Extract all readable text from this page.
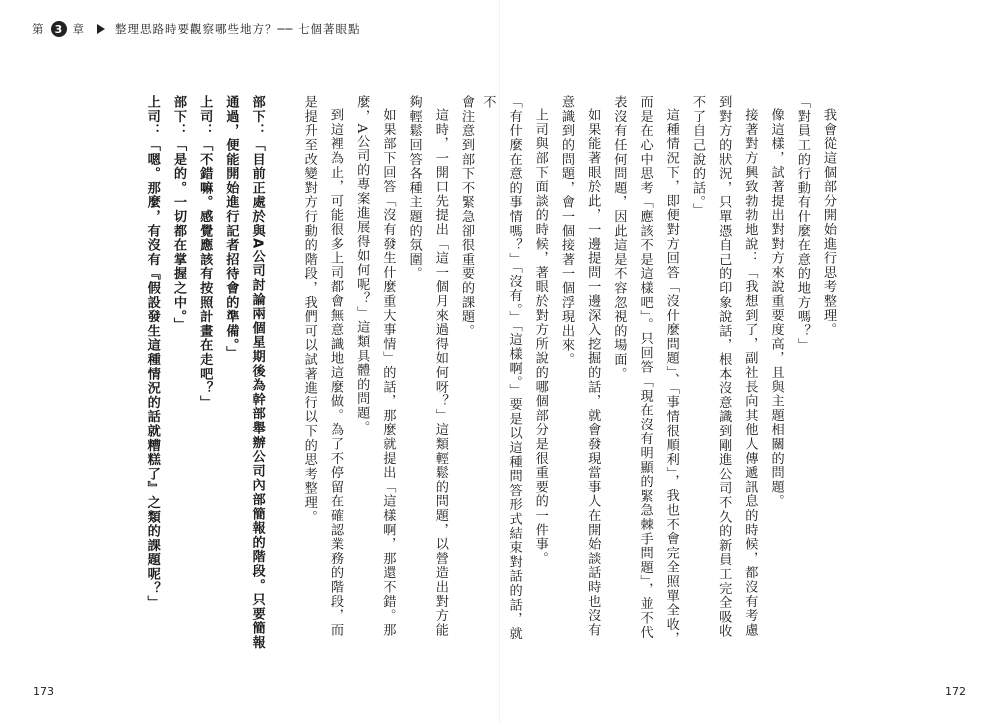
第 3 章	整理思路時要觀察哪些地方？── 七個著眼點

我會從這個部分開始進行思考整理。

「對員工的行動有什麼在意的地方嗎？」

像這樣，試著提出對對方來說重要度高，且與主題相關的問題。

接著對方興致勃勃地說：「我想到了，副社長向其他人傳遞訊息的時候，都沒有考慮到對方的狀況，只單憑自己的印象說話，根本沒意識到剛進公司不久的新員工完全吸收不了自己說的話。」

這種情況下，即便對方回答「沒什麼問題」、「事情很順利」，我也不會完全照單全收，而是在心中思考「應該不是這樣吧」。只回答「現在沒有明顯的緊急棘手問題」，並不代表沒有任何問題，因此這是不容忽視的場面。

如果能著眼於此，一邊提問一邊深入挖掘的話，就會發現當事人在開始談話時也沒有意識到的問題，會一個接著一個浮現出來。

上司與部下面談的時候，著眼於對方所說的哪個部分是很重要的一件事。

「有什麼在意的事情嗎？」「沒有。」「這樣啊。」要是以這種問答形式結束對話的話，就不

會注意到部下不緊急卻很重要的課題。

這時，一開口先提出「這一個月來過得如何呀？」這類輕鬆的問題，以營造出對方能夠輕鬆回答各種主題的氛圍。

如果部下回答「沒有發生什麼重大事情」的話，那麼就提出「這樣啊，那還不錯。那麼，A公司的專案進展得如何呢？」這類具體的問題。

到這裡為止，可能很多上司都會無意識地這麼做。為了不停留在確認業務的階段，而是提升至改變對方行動的階段，我們可以試著進行以下的思考整理。

部下：「目前正處於與A公司討論兩個星期後為幹部舉辦公司內部簡報的階段。只要簡報通過，便能開始進行記者招待會的準備。」

上司：「不錯嘛。感覺應該有按照計畫在走吧？」

部下：「是的。一切都在掌握之中。」

上司：「嗯。那麼，有沒有『假設發生這種情況的話就糟糕了』之類的課題呢？」

173	172
